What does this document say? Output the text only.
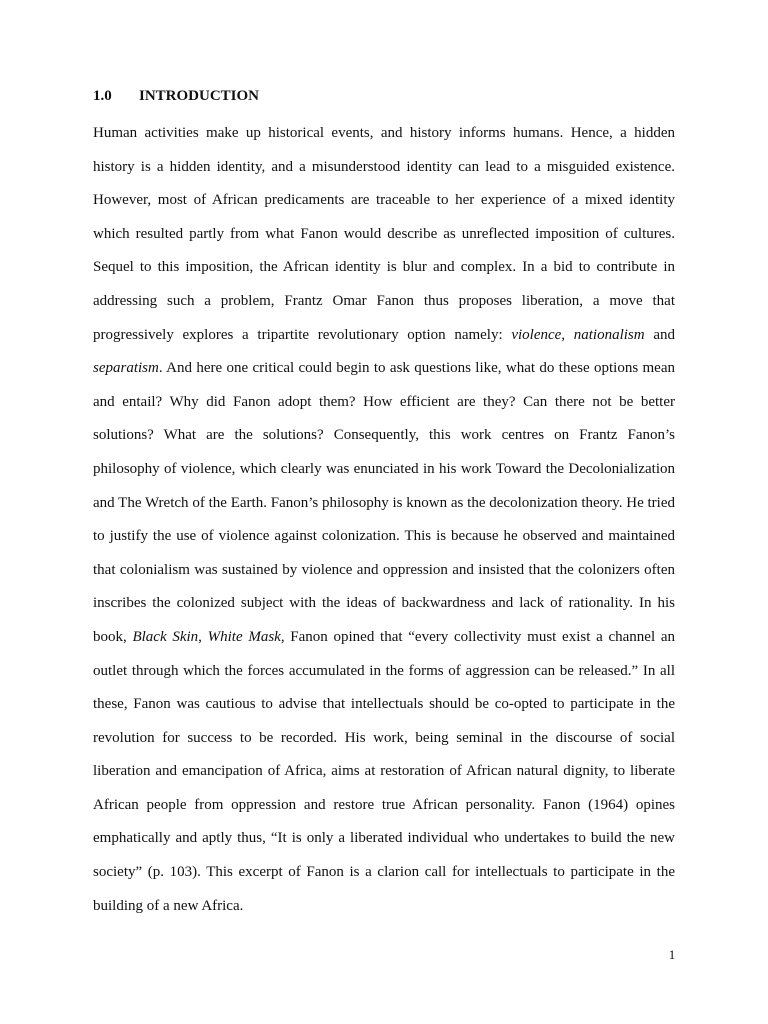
1.0 INTRODUCTION

Human activities make up historical events, and history informs humans. Hence, a hidden history is a hidden identity, and a misunderstood identity can lead to a misguided existence. However, most of African predicaments are traceable to her experience of a mixed identity which resulted partly from what Fanon would describe as unreflected imposition of cultures. Sequel to this imposition, the African identity is blur and complex. In a bid to contribute in addressing such a problem, Frantz Omar Fanon thus proposes liberation, a move that progressively explores a tripartite revolutionary option namely: violence, nationalism and separatism. And here one critical could begin to ask questions like, what do these options mean and entail? Why did Fanon adopt them? How efficient are they? Can there not be better solutions? What are the solutions? Consequently, this work centres on Frantz Fanon’s philosophy of violence, which clearly was enunciated in his work Toward the Decolonialization and The Wretch of the Earth. Fanon’s philosophy is known as the decolonization theory. He tried to justify the use of violence against colonization. This is because he observed and maintained that colonialism was sustained by violence and oppression and insisted that the colonizers often inscribes the colonized subject with the ideas of backwardness and lack of rationality. In his book, Black Skin, White Mask, Fanon opined that “every collectivity must exist a channel an outlet through which the forces accumulated in the forms of aggression can be released.” In all these, Fanon was cautious to advise that intellectuals should be co-opted to participate in the revolution for success to be recorded. His work, being seminal in the discourse of social liberation and emancipation of Africa, aims at restoration of African natural dignity, to liberate African people from oppression and restore true African personality. Fanon (1964) opines emphatically and aptly thus, “It is only a liberated individual who undertakes to build the new society” (p. 103). This excerpt of Fanon is a clarion call for intellectuals to participate in the building of a new Africa.

1
